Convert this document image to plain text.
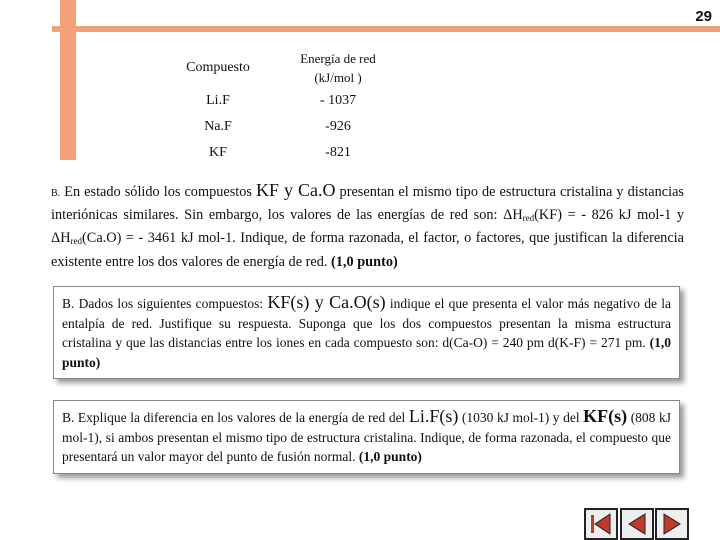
29
Compuesto	Energía de red
(kJ/mol )
Li.F	- 1037
Na.F	-926
KF	-821
B. En estado sólido los compuestos KF y Ca.O presentan el mismo tipo de estructura cristalina y distancias interiónicas similares. Sin embargo, los valores de las energías de red son: $\Delta H_{red}(KF)$ = - 826 kJ mol-1 y $\Delta H_{red}(Ca.O)$ = - 3461 kJ mol-1. Indique, de forma razonada, el factor, o factores, que justifican la diferencia existente entre los dos valores de energía de red. (1,0 punto)
B. Dados los siguientes compuestos: KF(s) y Ca.O(s) indique el que presenta el valor más negativo de la entalpía de red. Justifique su respuesta. Suponga que los dos compuestos presentan la misma estructura cristalina y que las distancias entre los iones en cada compuesto son: d(Ca-O) = 240 pm d(K-F) = 271 pm. (1,0 punto)
B. Explique la diferencia en los valores de la energía de red del Li.F(s) (1030 kJ mol-1) y del KF(s) (808 kJ mol-1), si ambos presentan el mismo tipo de estructura cristalina. Indique, de forma razonada, el compuesto que presentará un valor mayor del punto de fusión normal. (1,0 punto)
